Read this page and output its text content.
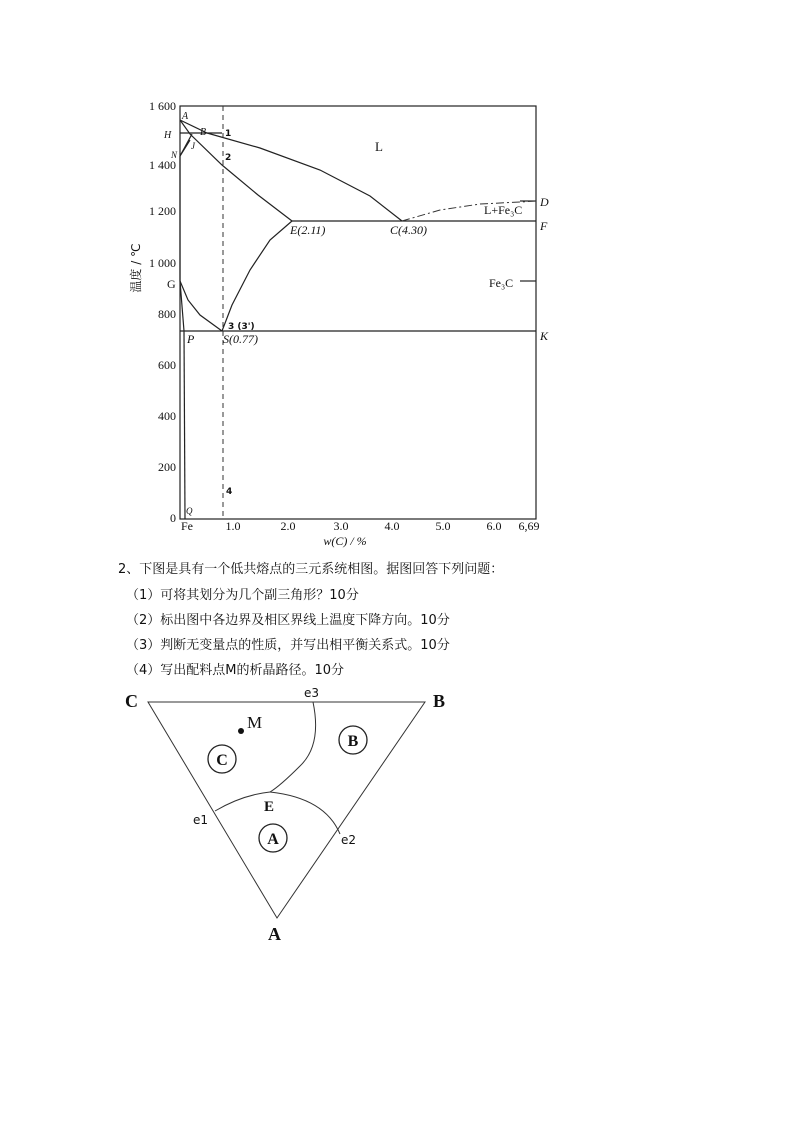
1 600
1 400
1 200
1 000
800
600
400
200
0
温度 / ℃
Fe	1.0	2.0	3.0	4.0	5.0	6.0 6,69
w(C) / %
A
H	B
J
N
G
P S(0.77)
E(2.11)	C(4.30)
D
F
K
Q
1
2
3 (3')
4
L
L+Fe₃C
Fe₃C
2、下图是具有一个低共熔点的三元系统相图。据图回答下列问题：
（1）可将其划分为几个副三角形？10分
（2）标出图中各边界及相区界线上温度下降方向。10分
（3）判断无变量点的性质，并写出相平衡关系式。10分
（4）写出配料点M的析晶路径。10分
C	B
A
E
e3
e1
e2
C
B
A
M
